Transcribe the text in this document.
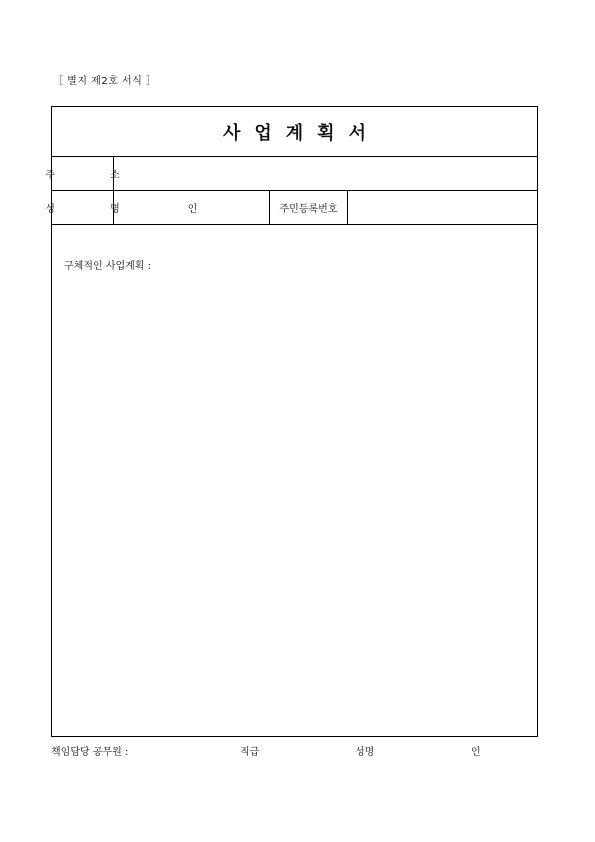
［ 별지 제2호 서식 ］
사업계획서
주 소
성 명	인	주민등록번호
구체적인 사업계획 :
책임담당 공무원 :	직급	성명	인
